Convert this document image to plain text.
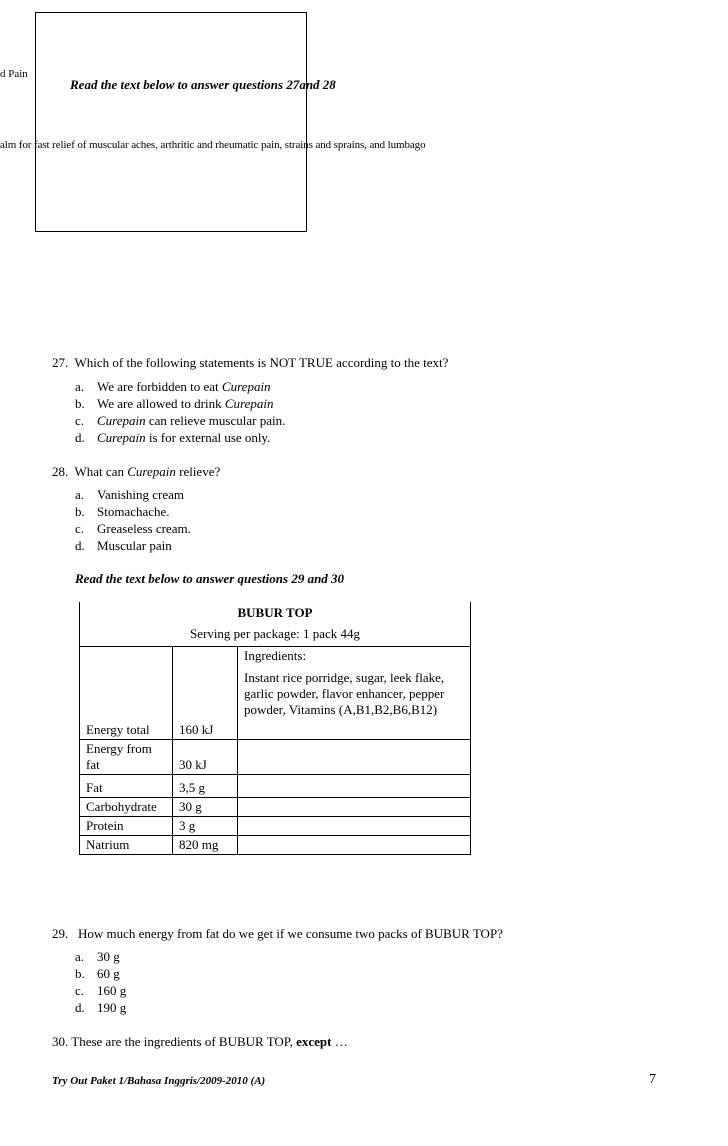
d Pain
Read the text below to answer questions 27and 28
alm for fast relief of muscular aches, arthritic and rheumatic pain, strains and sprains, and lumbago
27. Which of the following statements is NOT TRUE according to the text?
a. We are forbidden to eat Curepain
b. We are allowed to drink Curepain
c. Curepain can relieve muscular pain.
d. Curepain is for external use only.
28. What can Curepain relieve?
a. Vanishing cream
b. Stomachache.
c. Greaseless cream.
d. Muscular pain
Read the text below to answer questions 29 and 30
BUBUR TOP
Serving per package: 1 pack 44g		

Energy total	160 kJ	Ingredients:
Instant rice porridge, sugar, leek flake, garlic powder, flavor enhancer, pepper powder, Vitamins (A,B1,B2,B6,B12)
Energy from fat	30 kJ	
Fat	3,5 g	
Carbohydrate	30 g	
Protein	3 g	
Natrium	820 mg	
29. How much energy from fat do we get if we consume two packs of BUBUR TOP?
a. 30 g
b. 60 g
c. 160 g
d. 190 g
30. These are the ingredients of BUBUR TOP, except …
Try Out Paket 1/Bahasa Inggris/2009-2010 (A)	7
